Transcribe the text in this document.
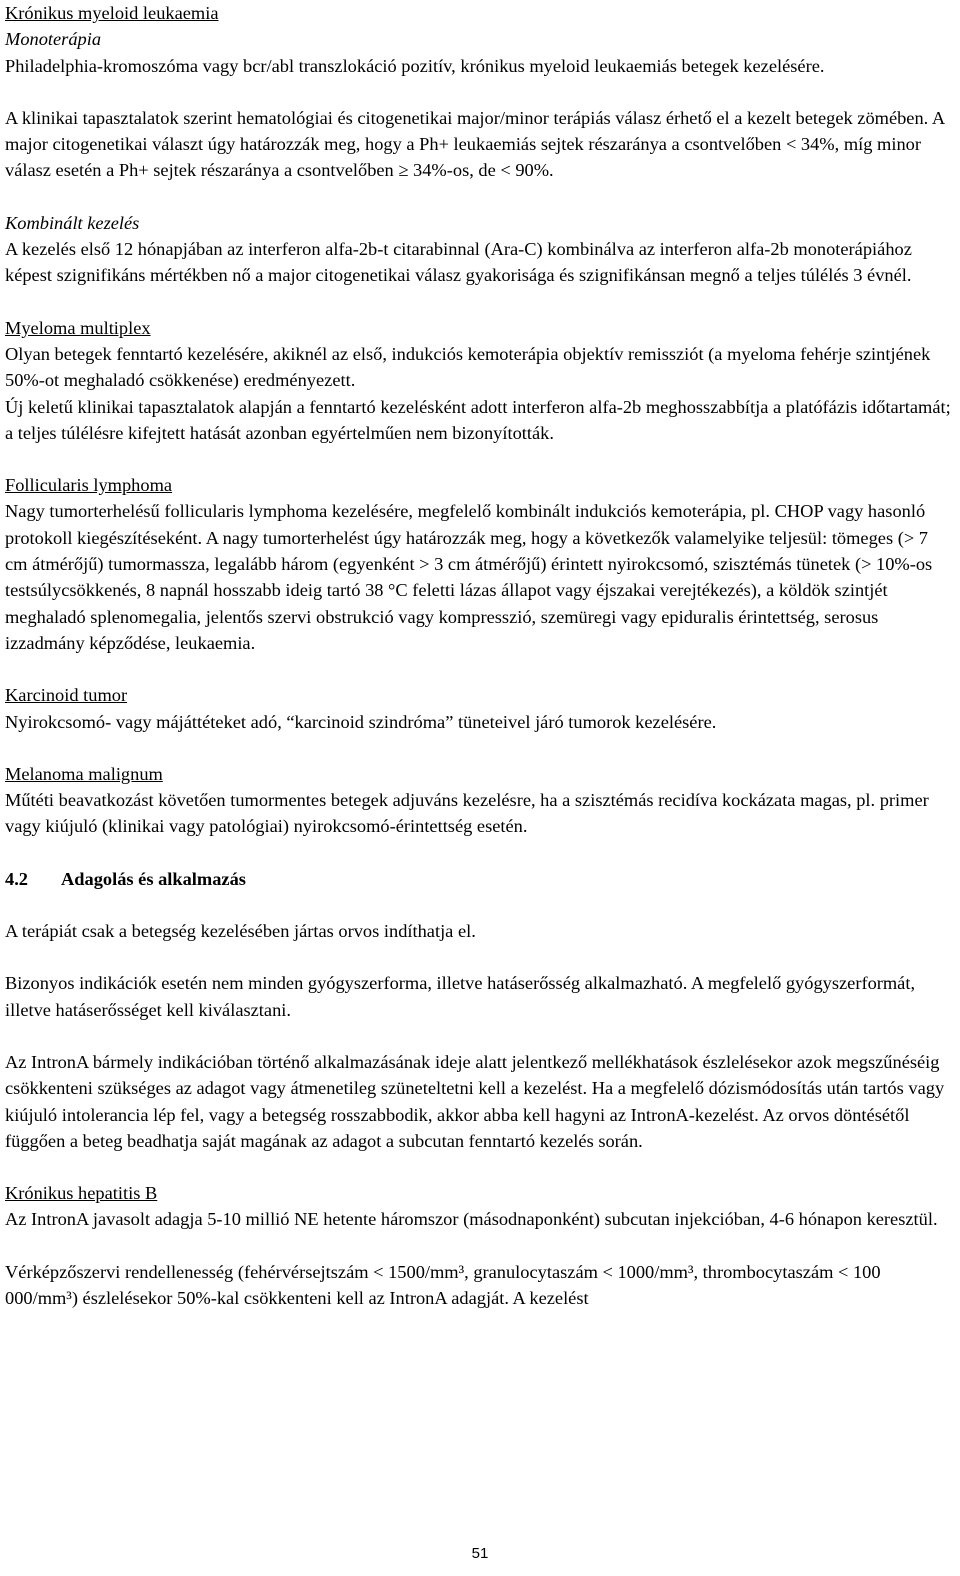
Krónikus myeloid leukaemia

Monoterápia

Philadelphia-kromoszóma vagy bcr/abl transzlokáció pozitív, krónikus myeloid leukaemiás betegek kezelésére.

A klinikai tapasztalatok szerint hematológiai és citogenetikai major/minor terápiás válasz érhető el a kezelt betegek zömében. A major citogenetikai választ úgy határozzák meg, hogy a Ph+ leukaemiás sejtek részaránya a csontvelőben < 34%, míg minor válasz esetén a Ph+ sejtek részaránya a csontvelőben ≥ 34%-os, de < 90%.

Kombinált kezelés

A kezelés első 12 hónapjában az interferon alfa-2b-t citarabinnal (Ara-C) kombinálva az interferon alfa-2b monoterápiához képest szignifikáns mértékben nő a major citogenetikai válasz gyakorisága és szignifikánsan megnő a teljes túlélés 3 évnél.

Myeloma multiplex

Olyan betegek fenntartó kezelésére, akiknél az első, indukciós kemoterápia objektív remissziót (a myeloma fehérje szintjének 50%-ot meghaladó csökkenése) eredményezett.

Új keletű klinikai tapasztalatok alapján a fenntartó kezelésként adott interferon alfa-2b meghosszabbítja a platófázis időtartamát; a teljes túlélésre kifejtett hatását azonban egyértelműen nem bizonyították.

Follicularis lymphoma

Nagy tumorterhelésű follicularis lymphoma kezelésére, megfelelő kombinált indukciós kemoterápia, pl. CHOP vagy hasonló protokoll kiegészítéseként. A nagy tumorterhelést úgy határozzák meg, hogy a következők valamelyike teljesül: tömeges (> 7 cm átmérőjű) tumormassza, legalább három (egyenként > 3 cm átmérőjű) érintett nyirokcsomó, szisztémás tünetek (> 10%-os testsúlycsökkenés, 8 napnál hosszabb ideig tartó 38 °C feletti lázas állapot vagy éjszakai verejtékezés), a köldök szintjét meghaladó splenomegalia, jelentős szervi obstrukció vagy kompresszió, szemüregi vagy epiduralis érintettség, serosus izzadmány képződése, leukaemia.

Karcinoid tumor

Nyirokcsomó- vagy májáttéteket adó, “karcinoid szindróma” tüneteivel járó tumorok kezelésére.

Melanoma malignum

Műtéti beavatkozást követően tumormentes betegek adjuváns kezelésre, ha a szisztémás recidíva kockázata magas, pl. primer vagy kiújuló (klinikai vagy patológiai) nyirokcsomó-érintettség esetén.

4.2 Adagolás és alkalmazás

A terápiát csak a betegség kezelésében jártas orvos indíthatja el.

Bizonyos indikációk esetén nem minden gyógyszerforma, illetve hatáserősség alkalmazható. A megfelelő gyógyszerformát, illetve hatáserősséget kell kiválasztani.

Az IntronA bármely indikációban történő alkalmazásának ideje alatt jelentkező mellékhatások észlelésekor azok megszűnéséig csökkenteni szükséges az adagot vagy átmenetileg szüneteltetni kell a kezelést. Ha a megfelelő dózismódosítás után tartós vagy kiújuló intolerancia lép fel, vagy a betegség rosszabbodik, akkor abba kell hagyni az IntronA-kezelést. Az orvos döntésétől függően a beteg beadhatja saját magának az adagot a subcutan fenntartó kezelés során.

Krónikus hepatitis B

Az IntronA javasolt adagja 5-10 millió NE hetente háromszor (másodnaponként) subcutan injekcióban, 4-6 hónapon keresztül.

Vérképzőszervi rendellenesség (fehérvérsejtszám < 1500/mm³, granulocytaszám < 1000/mm³, thrombocytaszám < 100 000/mm³) észlelésekor 50%-kal csökkenteni kell az IntronA adagját. A kezelést

51
